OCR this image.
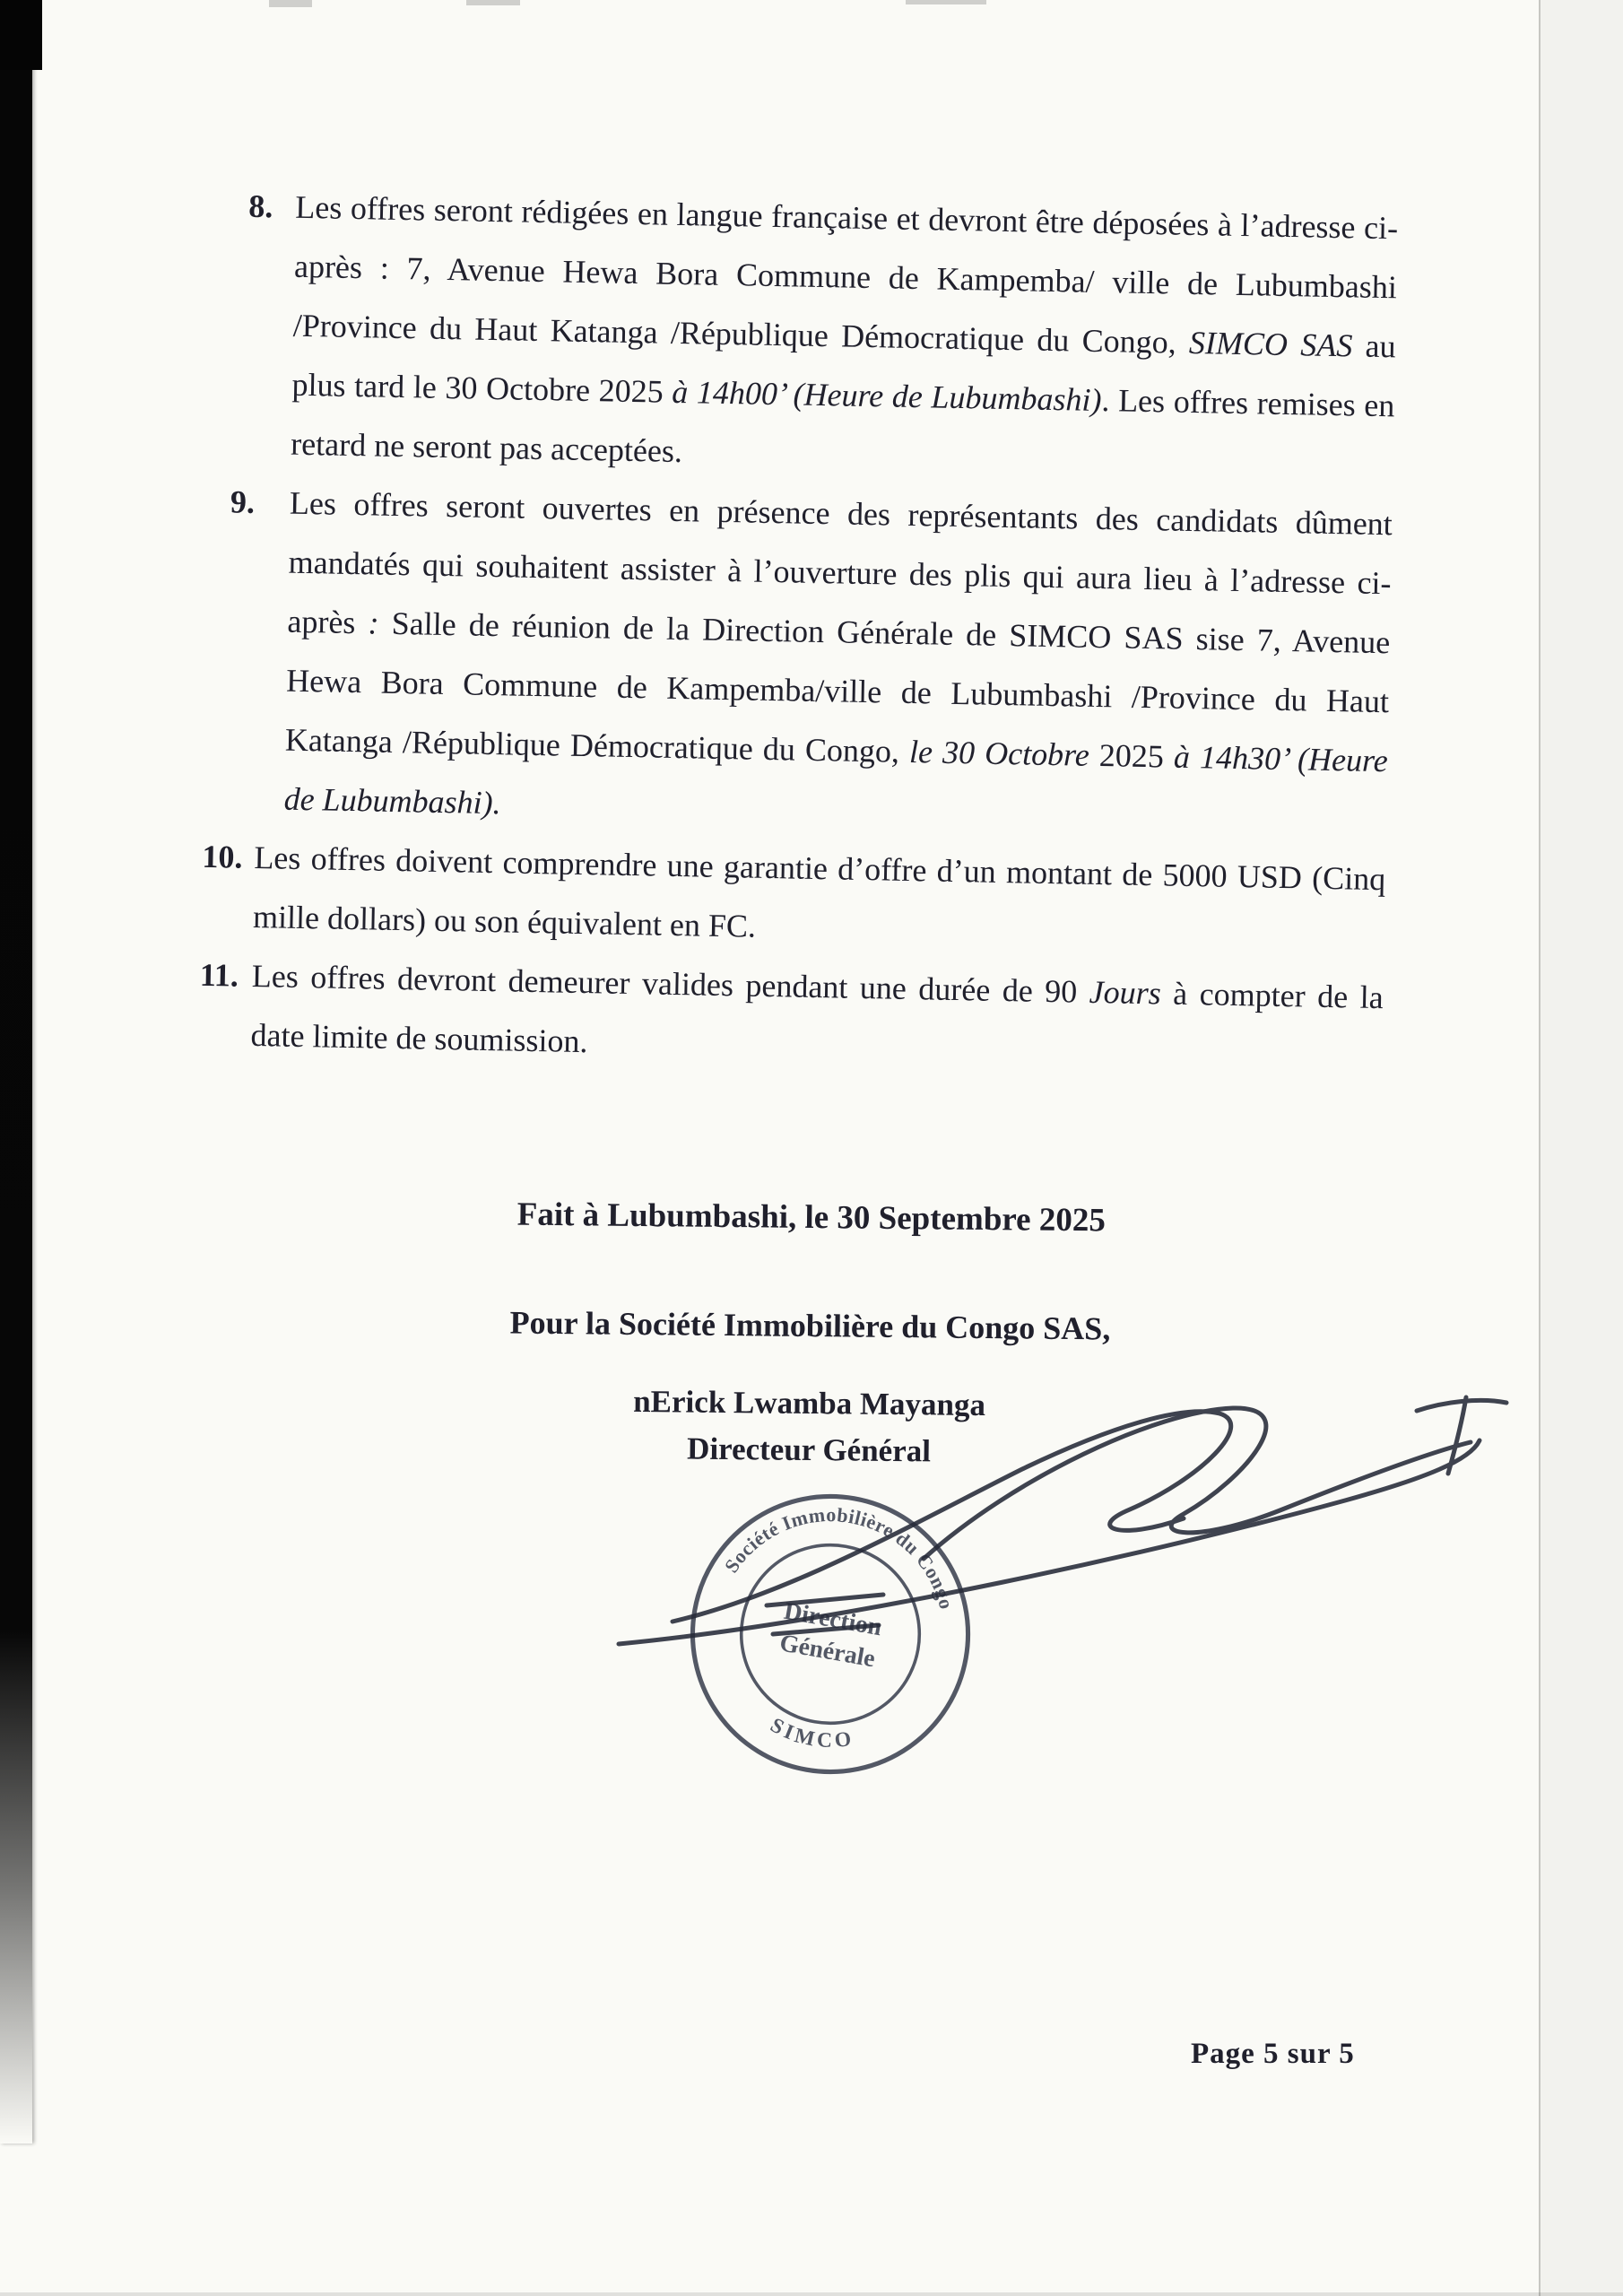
8. Les offres seront rédigées en langue française et devront être déposées à l’adresse ci-après : 7, Avenue Hewa Bora Commune de Kampemba/ ville de Lubumbashi /Province du Haut Katanga /République Démocratique du Congo, SIMCO SAS au plus tard le 30 Octobre 2025 à 14h00’ (Heure de Lubumbashi). Les offres remises en retard ne seront pas acceptées.
9. Les offres seront ouvertes en présence des représentants des candidats dûment mandatés qui souhaitent assister à l’ouverture des plis qui aura lieu à l’adresse ci-après : Salle de réunion de la Direction Générale de SIMCO SAS sise 7, Avenue Hewa Bora Commune de Kampemba/ville de Lubumbashi /Province du Haut Katanga /République Démocratique du Congo, le 30 Octobre 2025 à 14h30’ (Heure de Lubumbashi).
10. Les offres doivent comprendre une garantie d’offre d’un montant de 5000 USD (Cinq mille dollars) ou son équivalent en FC.
11. Les offres devront demeurer valides pendant une durée de 90 Jours à compter de la date limite de soumission.
Fait à Lubumbashi, le 30 Septembre 2025
Pour la Société Immobilière du Congo SAS,
nErick Lwamba Mayanga
Directeur Général
Société Immobilière du Congo
SIMCO
Direction
Générale
Page 5 sur 5
